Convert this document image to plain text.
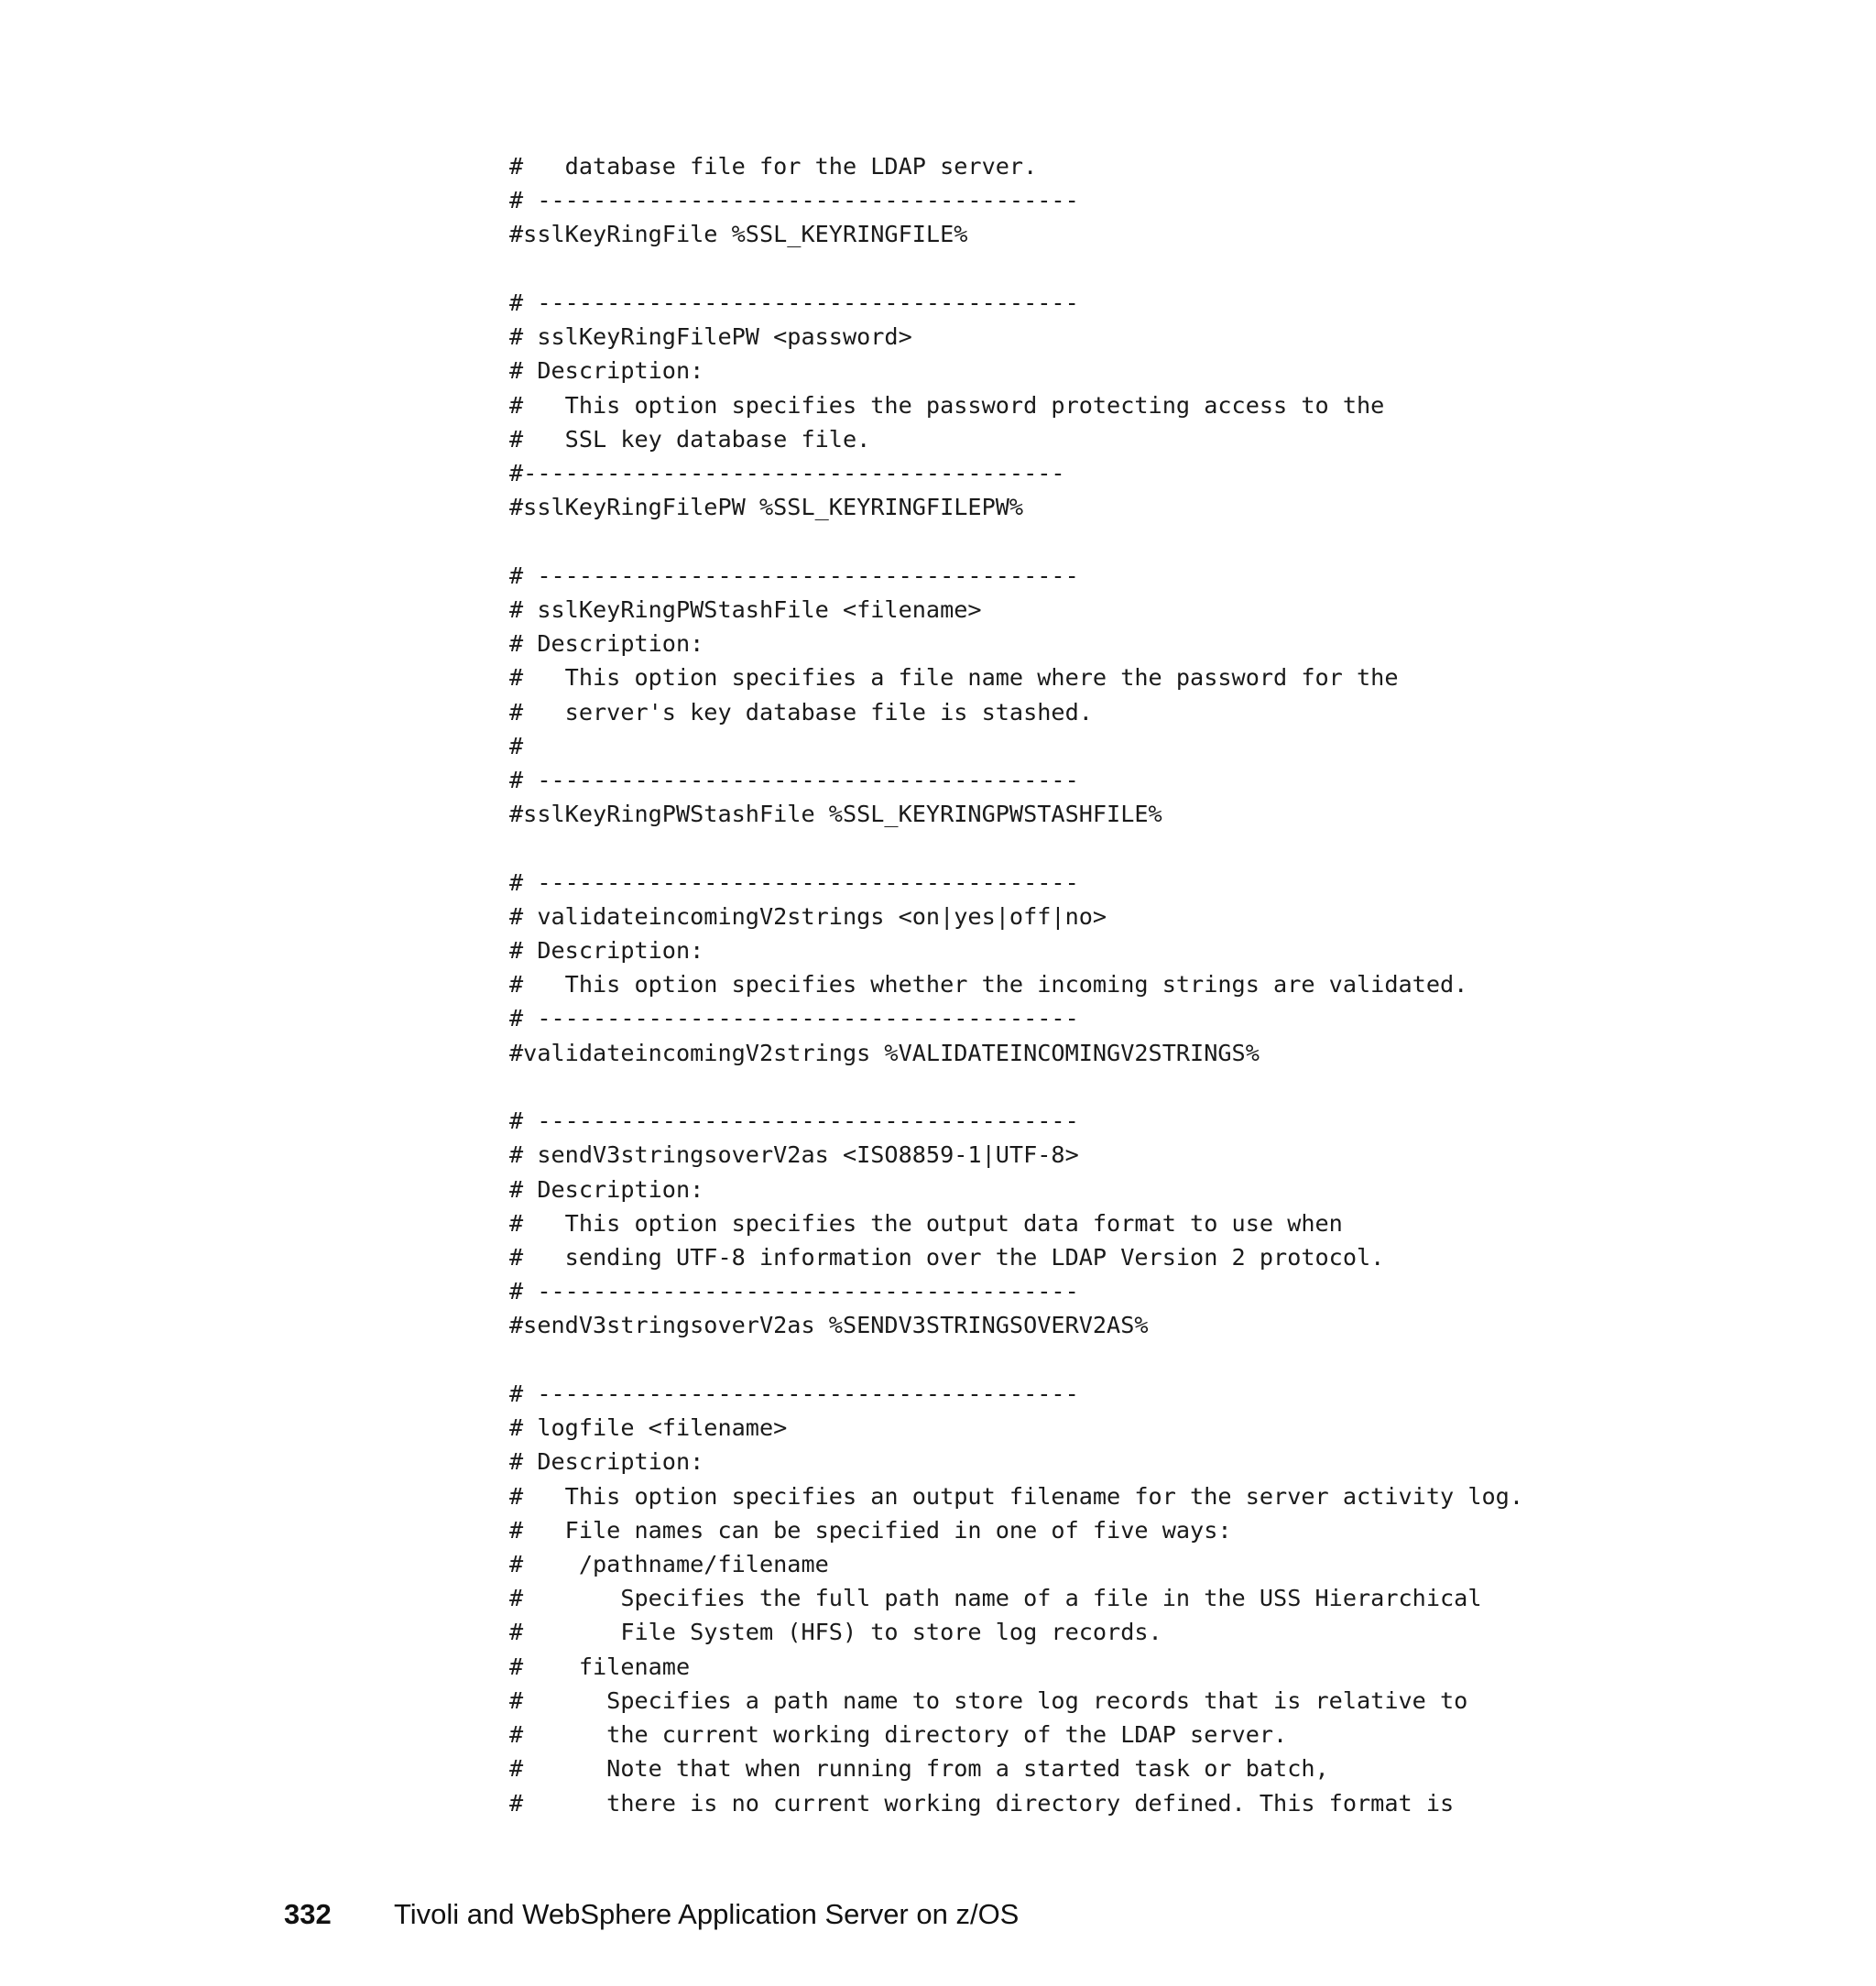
#   database file for the LDAP server.
# ---------------------------------------
#sslKeyRingFile %SSL_KEYRINGFILE%
# ---------------------------------------
# sslKeyRingFilePW <password>
# Description:
#   This option specifies the password protecting access to the
#   SSL key database file.
#---------------------------------------
#sslKeyRingFilePW %SSL_KEYRINGFILEPW%
# ---------------------------------------
# sslKeyRingPWStashFile <filename>
# Description:
#   This option specifies a file name where the password for the
#   server's key database file is stashed.
#
# ---------------------------------------
#sslKeyRingPWStashFile %SSL_KEYRINGPWSTASHFILE%
# ---------------------------------------
# validateincomingV2strings <on|yes|off|no>
# Description:
#   This option specifies whether the incoming strings are validated.
# ---------------------------------------
#validateincomingV2strings %VALIDATEINCOMINGV2STRINGS%
# ---------------------------------------
# sendV3stringsoverV2as <ISO8859-1|UTF-8>
# Description:
#   This option specifies the output data format to use when
#   sending UTF-8 information over the LDAP Version 2 protocol.
# ---------------------------------------
#sendV3stringsoverV2as %SENDV3STRINGSOVERV2AS%
# ---------------------------------------
# logfile <filename>
# Description:
#   This option specifies an output filename for the server activity log.
#   File names can be specified in one of five ways:
#    /pathname/filename
#       Specifies the full path name of a file in the USS Hierarchical
#       File System (HFS) to store log records.
#    filename
#      Specifies a path name to store log records that is relative to
#      the current working directory of the LDAP server.
#      Note that when running from a started task or batch,
#      there is no current working directory defined. This format is
332 Tivoli and WebSphere Application Server on z/OS
